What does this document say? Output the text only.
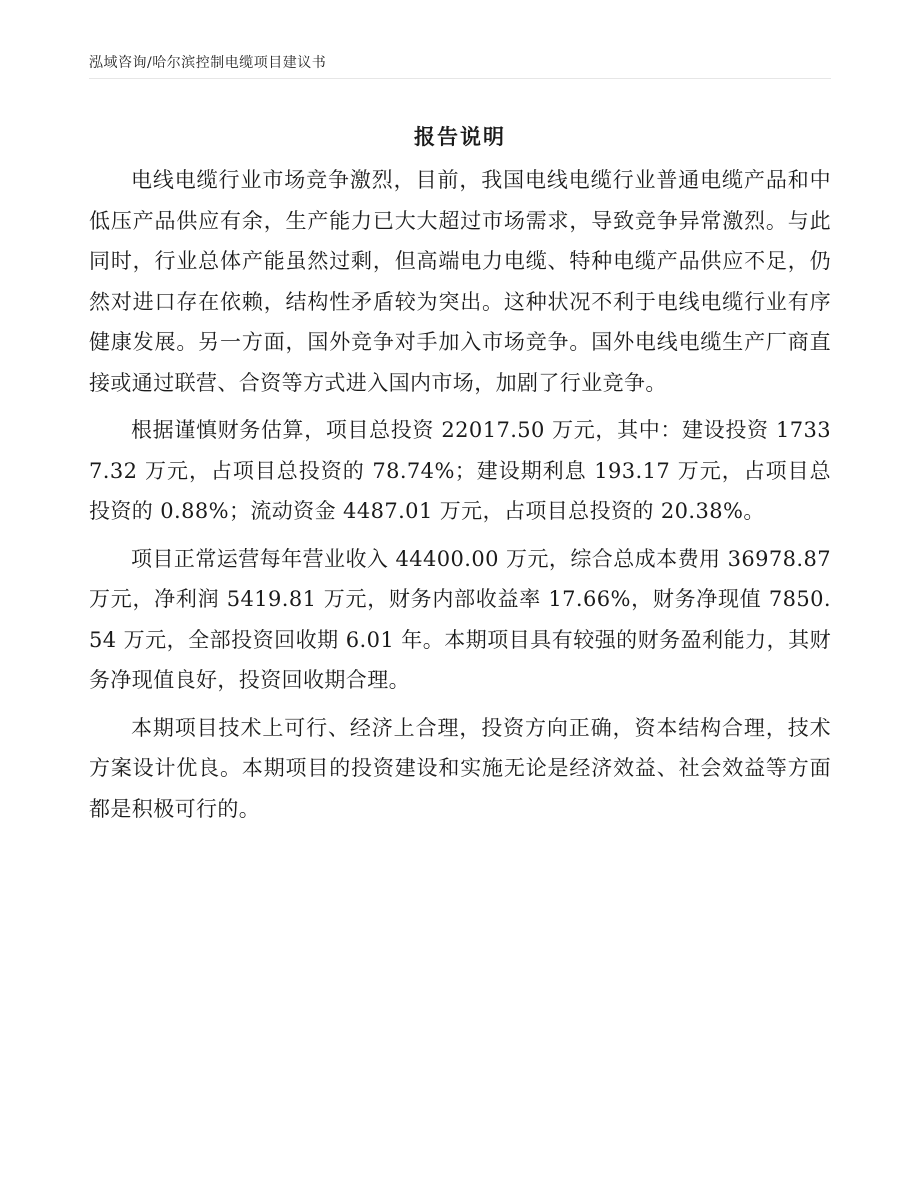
泓域咨询/哈尔滨控制电缆项目建议书
报告说明

电线电缆行业市场竞争激烈，目前，我国电线电缆行业普通电缆产品和中低压产品供应有余，生产能力已大大超过市场需求，导致竞争异常激烈。与此同时，行业总体产能虽然过剩，但高端电力电缆、特种电缆产品供应不足，仍然对进口存在依赖，结构性矛盾较为突出。这种状况不利于电线电缆行业有序健康发展。另一方面，国外竞争对手加入市场竞争。国外电线电缆生产厂商直接或通过联营、合资等方式进入国内市场，加剧了行业竞争。

根据谨慎财务估算，项目总投资 22017.50 万元，其中：建设投资 17337.32 万元，占项目总投资的 78.74%；建设期利息 193.17 万元，占项目总投资的 0.88%；流动资金 4487.01 万元，占项目总投资的 20.38%。

项目正常运营每年营业收入 44400.00 万元，综合总成本费用 36978.87 万元，净利润 5419.81 万元，财务内部收益率 17.66%，财务净现值 7850.54 万元，全部投资回收期 6.01 年。本期项目具有较强的财务盈利能力，其财务净现值良好，投资回收期合理。

本期项目技术上可行、经济上合理，投资方向正确，资本结构合理，技术方案设计优良。本期项目的投资建设和实施无论是经济效益、社会效益等方面都是积极可行的。
